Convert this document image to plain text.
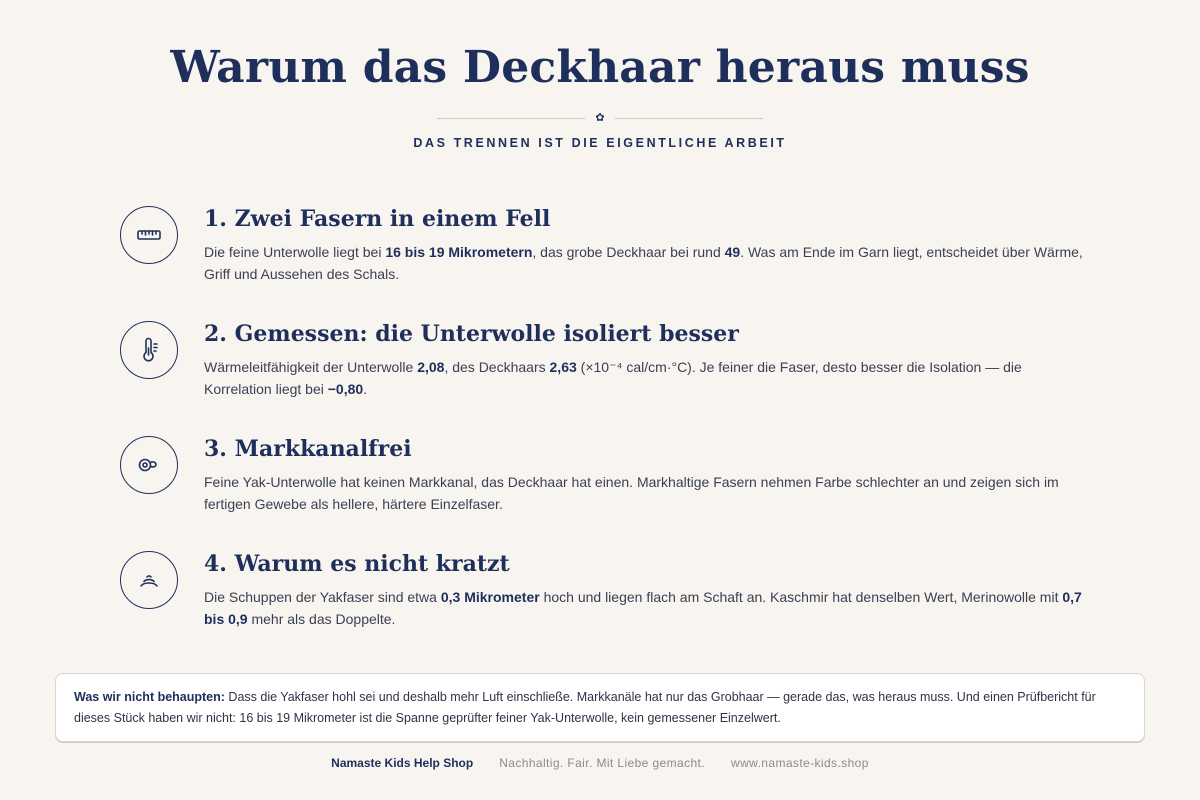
Warum das Deckhaar heraus muss
✿
DAS TRENNEN IST DIE EIGENTLICHE ARBEIT
1. Zwei Fasern in einem Fell

Die feine Unterwolle liegt bei 16 bis 19 Mikrometern, das grobe Deckhaar bei rund 49. Was am Ende im Garn liegt, entscheidet über Wärme, Griff und Aussehen des Schals.

2. Gemessen: die Unterwolle isoliert besser

Wärmeleitfähigkeit der Unterwolle 2,08, des Deckhaars 2,63 (×10⁻⁴ cal/cm·°C). Je feiner die Faser, desto besser die Isolation — die Korrelation liegt bei −0,80.

3. Markkanalfrei

Feine Yak-Unterwolle hat keinen Markkanal, das Deckhaar hat einen. Markhaltige Fasern nehmen Farbe schlechter an und zeigen sich im fertigen Gewebe als hellere, härtere Einzelfaser.

4. Warum es nicht kratzt

Die Schuppen der Yakfaser sind etwa 0,3 Mikrometer hoch und liegen flach am Schaft an. Kaschmir hat denselben Wert, Merinowolle mit 0,7 bis 0,9 mehr als das Doppelte.

Was wir nicht behaupten: Dass die Yakfaser hohl sei und deshalb mehr Luft einschließe. Markkanäle hat nur das Grobhaar — gerade das, was heraus muss. Und einen Prüfbericht für dieses Stück haben wir nicht: 16 bis 19 Mikrometer ist die Spanne geprüfter feiner Yak-Unterwolle, kein gemessener Einzelwert.
Namaste Kids Help Shop Nachhaltig. Fair. Mit Liebe gemacht. www.namaste-kids.shop
